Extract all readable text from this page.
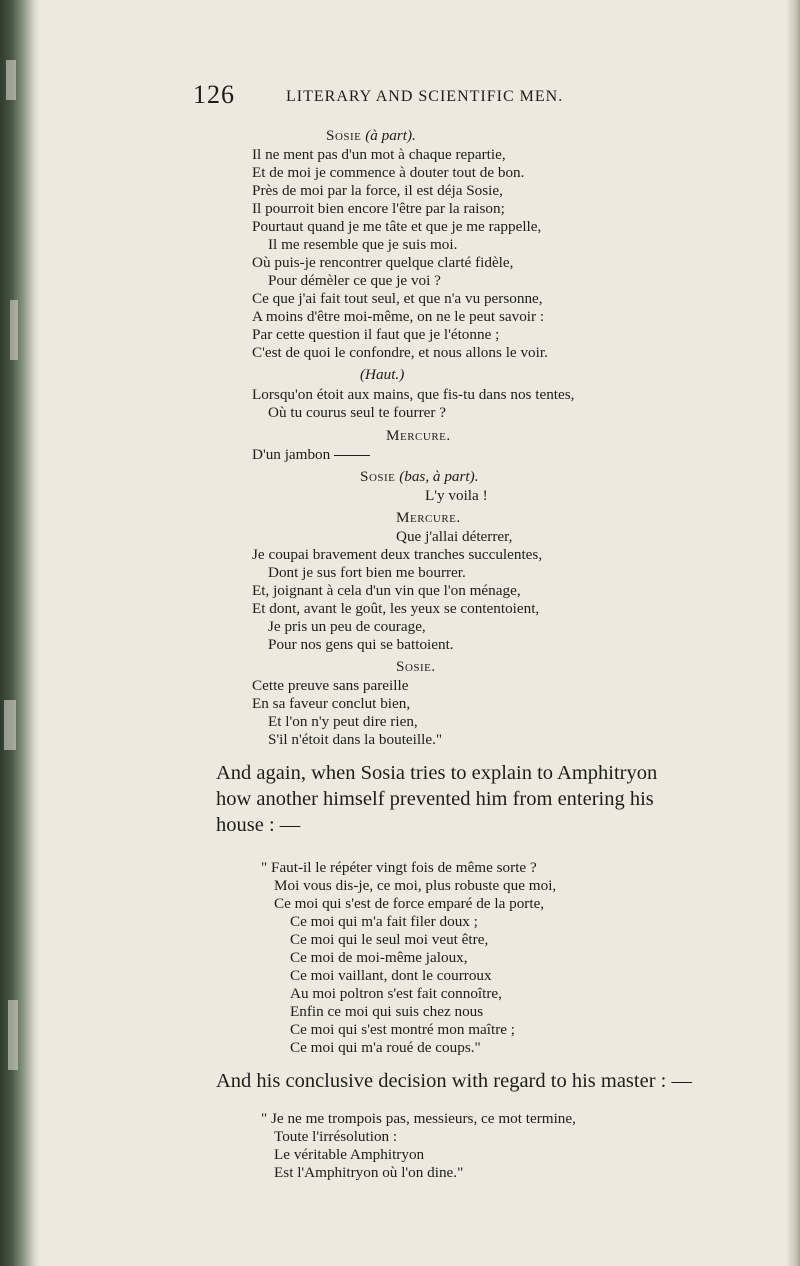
126	LITERARY AND SCIENTIFIC MEN.
Sosie (à part).
Il ne ment pas d'un mot à chaque repartie,
Et de moi je commence à douter tout de bon.
Près de moi par la force, il est déja Sosie,
Il pourroit bien encore l'être par la raison;
Pourtaut quand je me tâte et que je me rappelle,
Il me resemble que je suis moi.
Où puis-je rencontrer quelque clarté fidèle,
Pour démèler ce que je voi ?
Ce que j'ai fait tout seul, et que n'a vu personne,
A moins d'être moi-même, on ne le peut savoir :
Par cette question il faut que je l'étonne ;
C'est de quoi le confondre, et nous allons le voir.
(Haut.)
Lorsqu'on étoit aux mains, que fis-tu dans nos tentes,
Où tu courus seul te fourrer ?
Mercure.
D'un jambon
Sosie (bas, à part).
L'y voila !
Mercure.
Que j'allai déterrer,
Je coupai bravement deux tranches succulentes,
Dont je sus fort bien me bourrer.
Et, joignant à cela d'un vin que l'on ménage,
Et dont, avant le goût, les yeux se contentoient,
Je pris un peu de courage,
Pour nos gens qui se battoient.
Sosie.
Cette preuve sans pareille
En sa faveur conclut bien,
Et l'on n'y peut dire rien,
S'il n'étoit dans la bouteille."
And again, when Sosia tries to explain to Amphitryon
how another himself prevented him from entering his
house : —
" Faut-il le répéter vingt fois de même sorte ?
Moi vous dis-je, ce moi, plus robuste que moi,
Ce moi qui s'est de force emparé de la porte,
Ce moi qui m'a fait filer doux ;
Ce moi qui le seul moi veut être,
Ce moi de moi-même jaloux,
Ce moi vaillant, dont le courroux
Au moi poltron s'est fait connoître,
Enfin ce moi qui suis chez nous
Ce moi qui s'est montré mon maître ;
Ce moi qui m'a roué de coups."
And his conclusive decision with regard to his master : —
" Je ne me trompois pas, messieurs, ce mot termine,
Toute l'irrésolution :
Le véritable Amphitryon
Est l'Amphitryon où l'on dine."
